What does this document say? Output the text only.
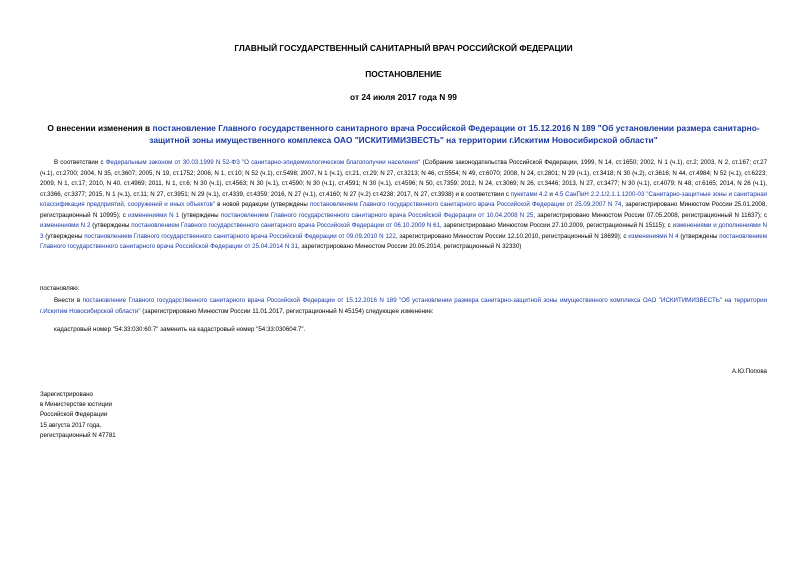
ГЛАВНЫЙ ГОСУДАРСТВЕННЫЙ САНИТАРНЫЙ ВРАЧ РОССИЙСКОЙ ФЕДЕРАЦИИ
ПОСТАНОВЛЕНИЕ
от 24 июля 2017 года N 99
О внесении изменения в постановление Главного государственного санитарного врача Российской Федерации от 15.12.2016 N 189 "Об установлении размера санитарно-защитной зоны имущественного комплекса ОАО "ИСКИТИМИЗВЕСТЬ" на территории г.Искитим Новосибирской области"

В соответствии с Федеральным законом от 30.03.1999 N 52-ФЗ "О санитарно-эпидемиологическом благополучии населения" (Собрание законодательства Российской Федерации, 1999, N 14, ст.1650; 2002, N 1 (ч.1), ст.2; 2003, N 2, ст.167; ст.27 (ч.1), ст.2700; 2004, N 35, ст.3607; 2005, N 19, ст.1752; 2006, N 1, ст.10; N 52 (ч.1), ст.5498; 2007, N 1 (ч.1), ст.21, ст.29; N 27, ст.3213; N 46, ст.5554; N 49, ст.6070; 2008, N 24, ст.2801; N 29 (ч.1), ст.3418; N 30 (ч.2), ст.3616; N 44, ст.4984; N 52 (ч.1), ст.6223; 2009, N 1, ст.17; 2010, N 40, ст.4969; 2011, N 1, ст.6; N 30 (ч.1), ст.4563; N 30 (ч.1), ст.4590; N 30 (ч.1), ст.4591; N 30 (ч.1), ст.4596; N 50, ст.7359; 2012, N 24, ст.3069; N 26, ст.3446; 2013, N 27, ст.3477; N 30 (ч.1), ст.4079; N 48, ст.6165; 2014, N 26 (ч.1), ст.3366, ст.3377; 2015, N 1 (ч.1), ст.11; N 27, ст.3951; N 29 (ч.1), ст.4339, ст.4359; 2016, N 27 (ч.1), ст.4160; N 27 (ч.2) ст.4238; 2017, N 27, ст.3938) и в соответствии с пунктами 4.2 и 4.5 СанПиН 2.2.1/2.1.1.1200-03 "Санитарно-защитные зоны и санитарная классификация предприятий, сооружений и иных объектов" в новой редакции (утверждены постановлением Главного государственного санитарного врача Российской Федерации от 25.09.2007 N 74, зарегистрировано Минюстом России 25.01.2008, регистрационный N 10995); с изменениями N 1 (утверждены постановлением Главного государственного санитарного врача Российской Федерации от 10.04.2008 N 25, зарегистрировано Минюстом России 07.05.2008, регистрационный N 11637); с изменениями N 2 (утверждены постановлением Главного государственного санитарного врача Российской Федерации от 06.10.2009 N 61, зарегистрировано Минюстом России 27.10.2009, регистрационный N 15115); с изменениями и дополнениями N 3 (утверждены постановлением Главного государственного санитарного врача Российской Федерации от 09.09.2010 N 122, зарегистрировано Минюстом России 12.10.2010, регистрационный N 18699); с изменениями N 4 (утверждены постановлением Главного государственного санитарного врача Российской Федерации от 25.04.2014 N 31, зарегистрировано Минюстом России 20.05.2014, регистрационный N 32330)

постановляю:
Внести в постановление Главного государственного санитарного врача Российской Федерации от 15.12.2016 N 189 "Об установлении размера санитарно-защитной зоны имущественного комплекса ОАО "ИСКИТИМИЗВЕСТЬ" на территории г.Искитим Новосибирской области" (зарегистрировано Минюстом России 11.01.2017, регистрационный N 45154) следующее изменение:
кадастровый номер "54:33:030:60:7" заменить на кадастровый номер "54:33:030604:7".
А.Ю.Попова
Зарегистрировано
в Министерстве юстиции
Российской Федерации
15 августа 2017 года,
регистрационный N 47781
